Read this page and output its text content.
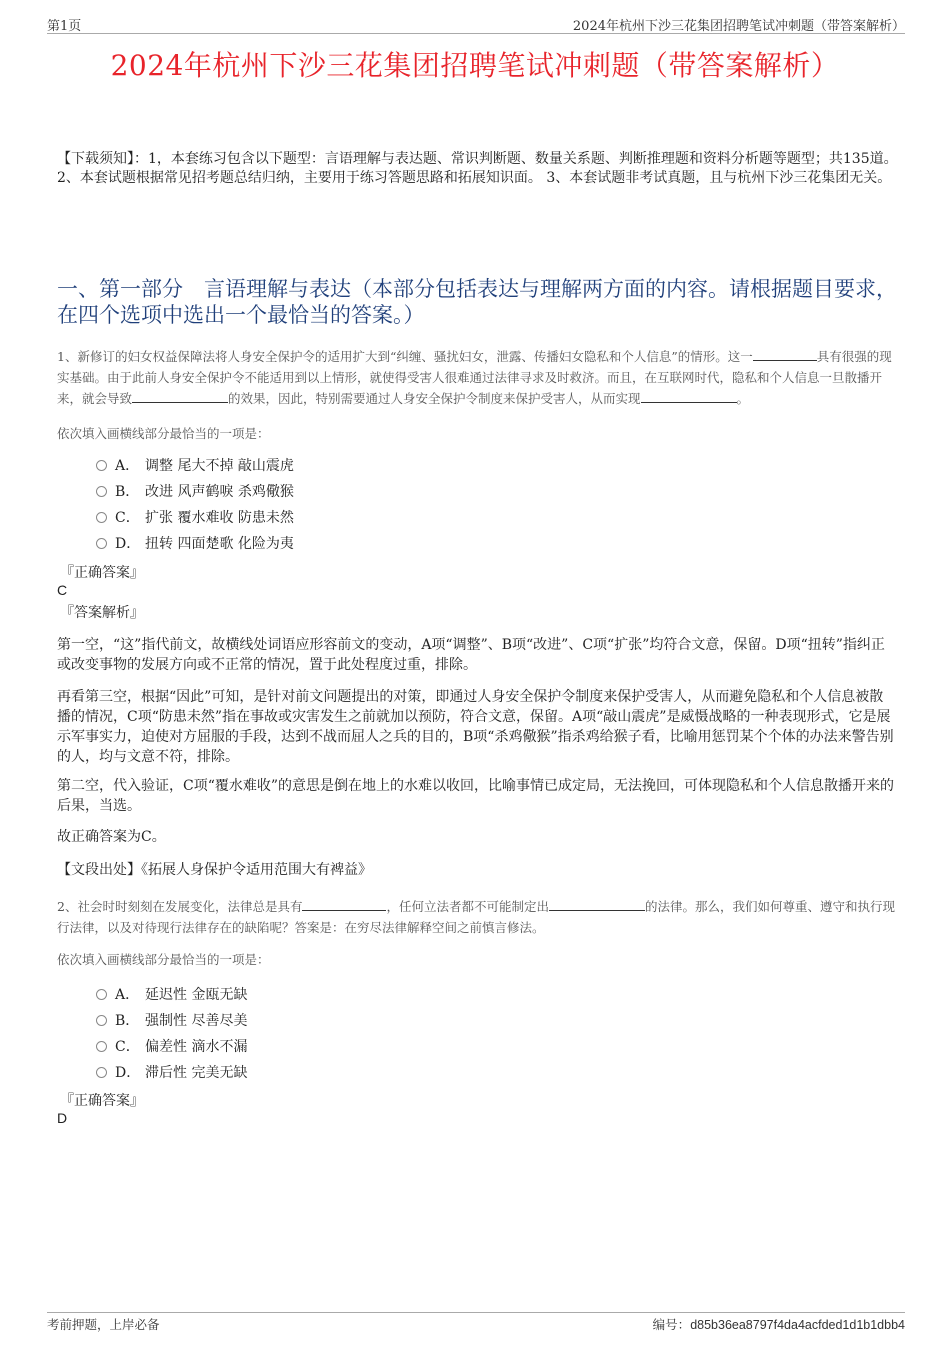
第1页	2024年杭州下沙三花集团招聘笔试冲刺题（带答案解析）
2024年杭州下沙三花集团招聘笔试冲刺题（带答案解析）
【下载须知】：1，本套练习包含以下题型：言语理解与表达题、常识判断题、数量关系题、判断推理题和资料分析题等题型；共135道。 2、本套试题根据常见招考题总结归纳，主要用于练习答题思路和拓展知识面。 3、本套试题非考试真题，且与杭州下沙三花集团无关。
一、第一部分　言语理解与表达（本部分包括表达与理解两方面的内容。请根据题目要求，在四个选项中选出一个最恰当的答案。）
1、新修订的妇女权益保障法将人身安全保护令的适用扩大到“纠缠、骚扰妇女，泄露、传播妇女隐私和个人信息”的情形。这一	具有很强的现实基础。由于此前人身安全保护令不能适用到以上情形，就使得受害人很难通过法律寻求及时救济。而且，在互联网时代，隐私和个人信息一旦散播开来，就会导致	的效果，因此，特别需要通过人身安全保护令制度来保护受害人，从而实现	。
依次填入画横线部分最恰当的一项是：
A． 调整 尾大不掉 敲山震虎
B． 改进 风声鹤唳 杀鸡儆猴
C． 扩张 覆水难收 防患未然
D． 扭转 四面楚歌 化险为夷
『正确答案』
C
『答案解析』
第一空，“这”指代前文，故横线处词语应形容前文的变动，A项“调整”、B项“改进”、C项“扩张”均符合文意，保留。D项“扭转”指纠正或改变事物的发展方向或不正常的情况，置于此处程度过重，排除。
再看第三空，根据“因此”可知，是针对前文问题提出的对策，即通过人身安全保护令制度来保护受害人，从而避免隐私和个人信息被散播的情况，C项“防患未然”指在事故或灾害发生之前就加以预防，符合文意，保留。A项“敲山震虎”是威慑战略的一种表现形式，它是展示军事实力，迫使对方屈服的手段，达到不战而屈人之兵的目的，B项“杀鸡儆猴”指杀鸡给猴子看，比喻用惩罚某个个体的办法来警告别的人，均与文意不符，排除。
第二空，代入验证，C项“覆水难收”的意思是倒在地上的水难以收回，比喻事情已成定局，无法挽回，可体现隐私和个人信息散播开来的后果，当选。
故正确答案为C。
【文段出处】《拓展人身保护令适用范围大有裨益》
2、社会时时刻刻在发展变化，法律总是具有	，任何立法者都不可能制定出	的法律。那么，我们如何尊重、遵守和执行现行法律，以及对待现行法律存在的缺陷呢？答案是：在穷尽法律解释空间之前慎言修法。
依次填入画横线部分最恰当的一项是：
A． 延迟性 金瓯无缺
B． 强制性 尽善尽美
C． 偏差性 滴水不漏
D． 滞后性 完美无缺
『正确答案』
D
考前押题，上岸必备	编号：d85b36ea8797f4da4acfded1d1b1dbb4
